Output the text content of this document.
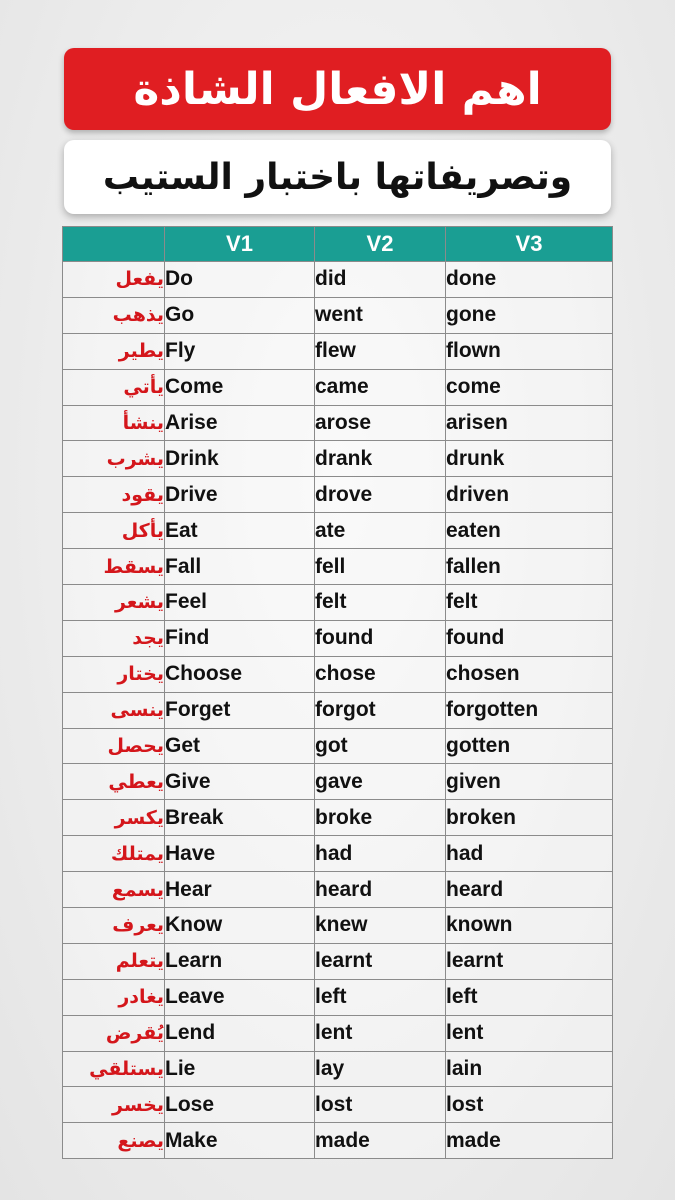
اهم الافعال الشاذة
وتصريفاتها باختبار الستيب
	V1	V2	V3
يفعل	Do	did	done
يذهب	Go	went	gone
يطير	Fly	flew	flown
يأتي	Come	came	come
ينشأ	Arise	arose	arisen
يشرب	Drink	drank	drunk
يقود	Drive	drove	driven
يأكل	Eat	ate	eaten
يسقط	Fall	fell	fallen
يشعر	Feel	felt	felt
يجد	Find	found	found
يختار	Choose	chose	chosen
ينسى	Forget	forgot	forgotten
يحصل	Get	got	gotten
يعطي	Give	gave	given
يكسر	Break	broke	broken
يمتلك	Have	had	had
يسمع	Hear	heard	heard
يعرف	Know	knew	known
يتعلم	Learn	learnt	learnt
يغادر	Leave	left	left
يُقرض	Lend	lent	lent
يستلقي	Lie	lay	lain
يخسر	Lose	lost	lost
يصنع	Make	made	made
